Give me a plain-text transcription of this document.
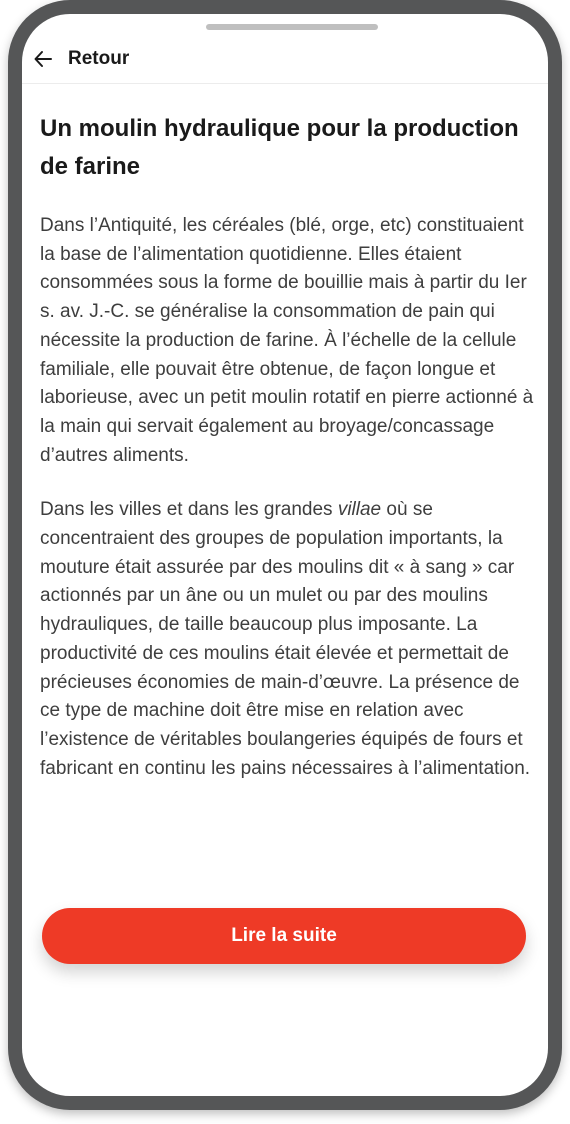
Retour
Un moulin hydraulique pour la production de farine

Dans l’Antiquité, les céréales (blé, orge, etc) constituaient la base de l’alimentation quotidienne. Elles étaient consommées sous la forme de bouillie mais à partir du Ier s. av. J.-C. se généralise la consommation de pain qui nécessite la production de farine. À l’échelle de la cellule familiale, elle pouvait être obtenue, de façon longue et laborieuse, avec un petit moulin rotatif en pierre actionné à la main qui servait également au broyage/concassage d’autres aliments.

Dans les villes et dans les grandes villae où se concentraient des groupes de population importants, la mouture était assurée par des moulins dit « à sang » car actionnés par un âne ou un mulet ou par des moulins hydrauliques, de taille beaucoup plus imposante. La productivité de ces moulins était élevée et permettait de précieuses économies de main-d’œuvre. La présence de ce type de machine doit être mise en relation avec l’existence de véritables boulangeries équipés de fours et fabricant en continu les pains nécessaires à l’alimentation.

Lire la suite
